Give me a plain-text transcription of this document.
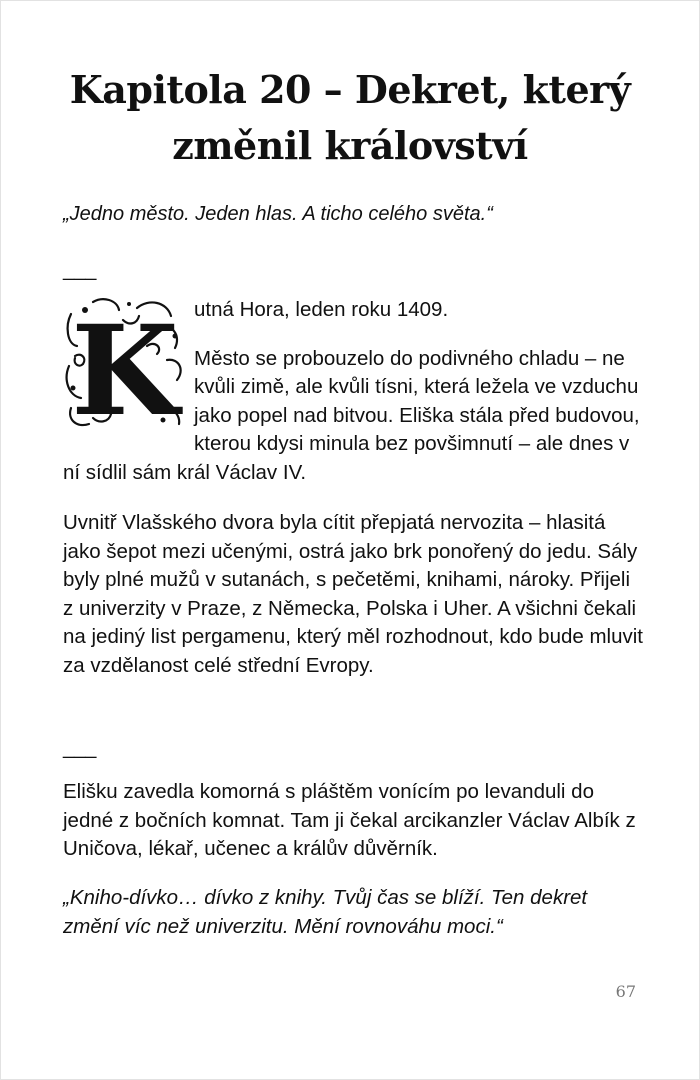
Kapitola 20 – Dekret, který změnil království

„Jedno město. Jeden hlas. A ticho celého světa.“

___

K utná Hora, leden roku 1409.

Město se probouzelo do podivného chladu – ne kvůli zimě, ale kvůli tísni, která ležela ve vzduchu jako popel nad bitvou. Eliška stála před budovou, kterou kdysi minula bez povšimnutí – ale dnes v ní sídlil sám král Václav IV.

Uvnitř Vlašského dvora byla cítit přepjatá nervozita – hlasitá jako šepot mezi učenými, ostrá jako brk ponořený do jedu. Sály byly plné mužů v sutanách, s pečetěmi, knihami, nároky. Přijeli z univerzity v Praze, z Německa, Polska i Uher. A všichni čekali na jediný list pergamenu, který měl rozhodnout, kdo bude mluvit za vzdělanost celé střední Evropy.

___

Elišku zavedla komorná s pláštěm vonícím po levanduli do jedné z bočních komnat. Tam ji čekal arcikanzler Václav Albík z Uničova, lékař, učenec a králův důvěrník.

„Kniho-dívko… dívko z knihy. Tvůj čas se blíží. Ten dekret změní víc než univerzitu. Mění rovnováhu moci.“

67
